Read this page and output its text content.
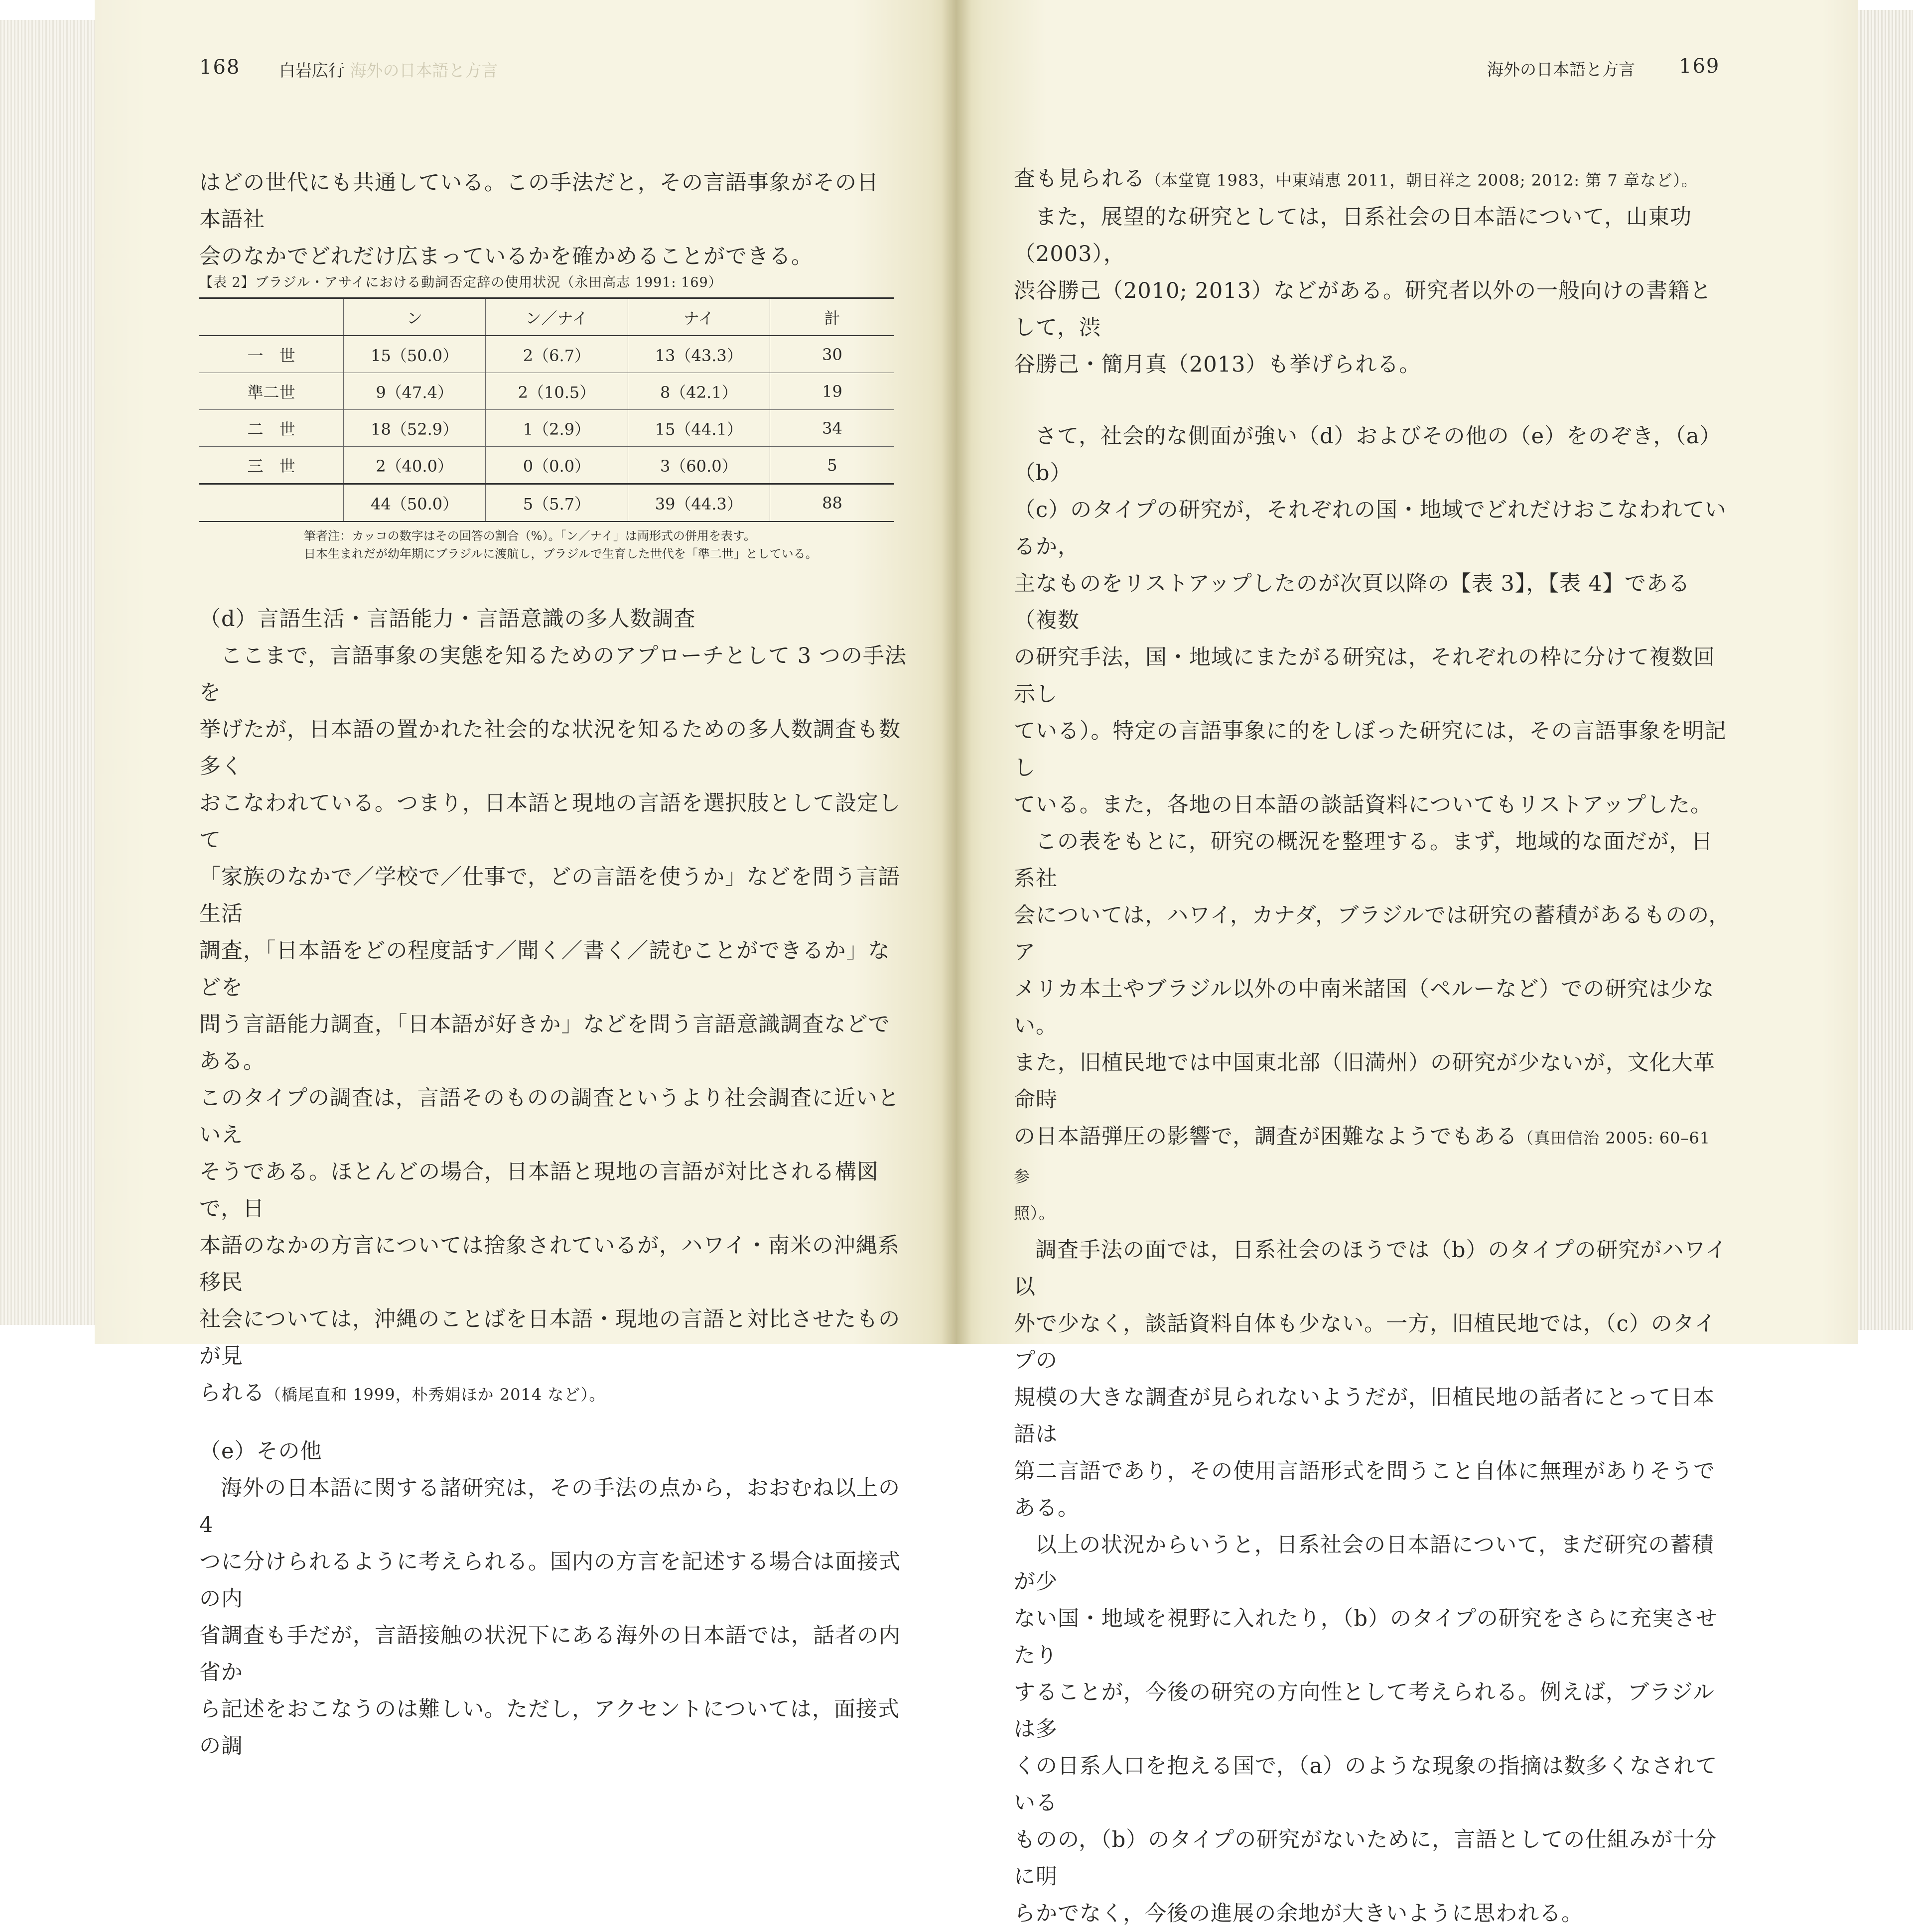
168 白岩広行 海外の日本語と方言

はどの世代にも共通している。この手法だと，その言語事象がその日本語社

会のなかでどれだけ広まっているかを確かめることができる。

【表 2】ブラジル・アサイにおける動詞否定辞の使用状況（永田高志 1991: 169）
	ン	ン／ナイ	ナイ	計
一　世	15（50.0）	2（6.7）	13（43.3）	30
準二世	9（47.4）	2（10.5）	8（42.1）	19
二　世	18（52.9）	1（2.9）	15（44.1）	34
三　世	2（40.0）	0（0.0）	3（60.0）	5
	44（50.0）	5（5.7）	39（44.3）	88
筆者注：カッコの数字はその回答の割合（%）。「ン／ナイ」は両形式の併用を表す。
日本生まれだが幼年期にブラジルに渡航し，ブラジルで生育した世代を「準二世」としている。

（d）言語生活・言語能力・言語意識の多人数調査

ここまで，言語事象の実態を知るためのアプローチとして 3 つの手法を

挙げたが，日本語の置かれた社会的な状況を知るための多人数調査も数多く

おこなわれている。つまり，日本語と現地の言語を選択肢として設定して

「家族のなかで／学校で／仕事で，どの言語を使うか」などを問う言語生活

調査，「日本語をどの程度話す／聞く／書く／読むことができるか」などを

問う言語能力調査，「日本語が好きか」などを問う言語意識調査などである。

このタイプの調査は，言語そのものの調査というより社会調査に近いといえ

そうである。ほとんどの場合，日本語と現地の言語が対比される構図で，日

本語のなかの方言については捨象されているが，ハワイ・南米の沖縄系移民

社会については，沖縄のことばを日本語・現地の言語と対比させたものが見

られる（橋尾直和 1999，朴秀娟ほか 2014 など）。

（e）その他

海外の日本語に関する諸研究は，その手法の点から，おおむね以上の 4

つに分けられるように考えられる。国内の方言を記述する場合は面接式の内

省調査も手だが，言語接触の状況下にある海外の日本語では，話者の内省か

ら記述をおこなうのは難しい。ただし，アクセントについては，面接式の調

海外の日本語と方言 169

査も見られる（本堂寛 1983，中東靖恵 2011，朝日祥之 2008; 2012: 第 7 章など）。

また，展望的な研究としては，日系社会の日本語について，山東功（2003），

渋谷勝己（2010; 2013）などがある。研究者以外の一般向けの書籍として，渋

谷勝己・簡月真（2013）も挙げられる。

さて，社会的な側面が強い（d）およびその他の（e）をのぞき，（a）（b）

（c）のタイプの研究が，それぞれの国・地域でどれだけおこなわれているか，

主なものをリストアップしたのが次頁以降の【表 3】，【表 4】である（複数

の研究手法，国・地域にまたがる研究は，それぞれの枠に分けて複数回示し

ている）。特定の言語事象に的をしぼった研究には，その言語事象を明記し

ている。また，各地の日本語の談話資料についてもリストアップした。

この表をもとに，研究の概況を整理する。まず，地域的な面だが，日系社

会については，ハワイ，カナダ，ブラジルでは研究の蓄積があるものの，ア

メリカ本土やブラジル以外の中南米諸国（ペルーなど）での研究は少ない。

また，旧植民地では中国東北部（旧満州）の研究が少ないが，文化大革命時

の日本語弾圧の影響で，調査が困難なようでもある（真田信治 2005: 60–61 参

照）。

調査手法の面では，日系社会のほうでは（b）のタイプの研究がハワイ以

外で少なく，談話資料自体も少ない。一方，旧植民地では，（c）のタイプの

規模の大きな調査が見られないようだが，旧植民地の話者にとって日本語は

第二言語であり，その使用言語形式を問うこと自体に無理がありそうである。

以上の状況からいうと，日系社会の日本語について，まだ研究の蓄積が少

ない国・地域を視野に入れたり，（b）のタイプの研究をさらに充実させたり

することが，今後の研究の方向性として考えられる。例えば，ブラジルは多

くの日系人口を抱える国で，（a）のような現象の指摘は数多くなされている

ものの，（b）のタイプの研究がないために，言語としての仕組みが十分に明

らかでなく，今後の進展の余地が大きいように思われる。
